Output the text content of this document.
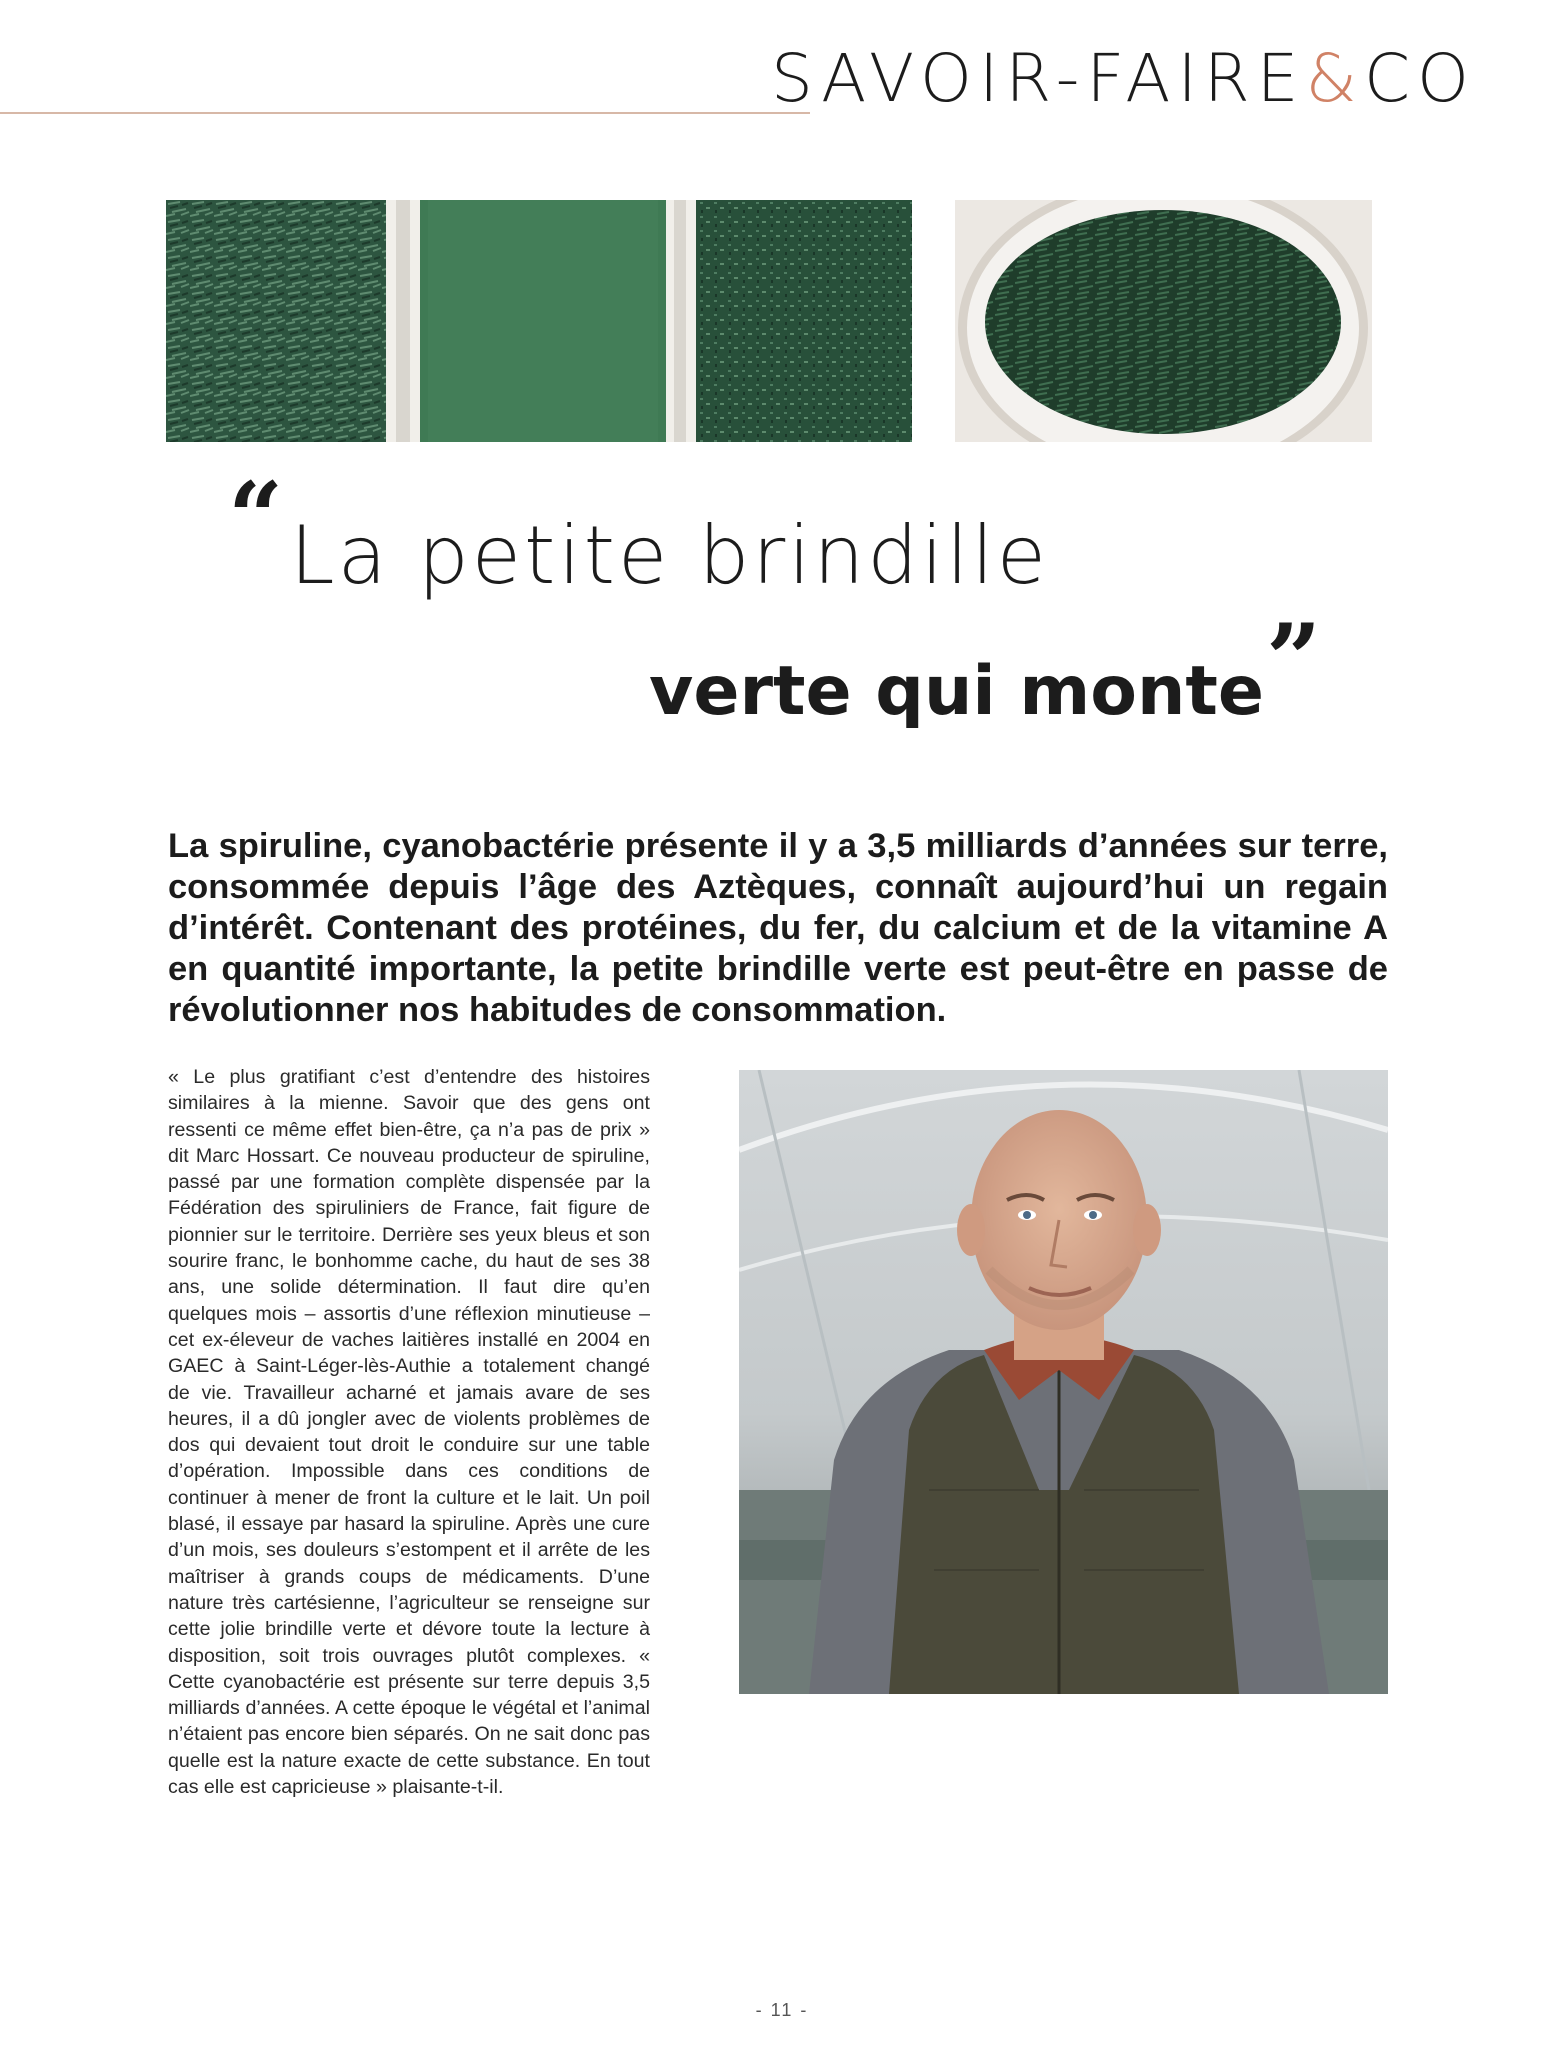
SAVOIR-FAIRE&CO
“ La petite brindille
verte qui monte ”

La spiruline, cyanobactérie présente il y a 3,5 milliards d’années sur terre, consommée depuis l’âge des Aztèques, connaît aujourd’hui un regain d’intérêt. Contenant des protéines, du fer, du calcium et de la vitamine A en quantité importante, la petite brindille verte est peut-être en passe de révolutionner nos habitudes de consommation.

« Le plus gratifiant c’est d’entendre des histoires similaires à la mienne. Savoir que des gens ont ressenti ce même effet bien-être, ça n’a pas de prix » dit Marc Hossart. Ce nouveau producteur de spiruline, passé par une formation complète dispensée par la Fédération des spiruliniers de France, fait figure de pionnier sur le territoire. Derrière ses yeux bleus et son sourire franc, le bonhomme cache, du haut de ses 38 ans, une solide détermination. Il faut dire qu’en quelques mois – assortis d’une réflexion minutieuse – cet ex-éleveur de vaches laitières installé en 2004 en GAEC à Saint-Léger-lès-Authie a totalement changé de vie. Travailleur acharné et jamais avare de ses heures, il a dû jongler avec de violents problèmes de dos qui devaient tout droit le conduire sur une table d’opération. Impossible dans ces conditions de continuer à mener de front la culture et le lait. Un poil blasé, il essaye par hasard la spiruline. Après une cure d’un mois, ses douleurs s’estompent et il arrête de les maîtriser à grands coups de médicaments. D’une nature très cartésienne, l’agriculteur se renseigne sur cette jolie brindille verte et dévore toute la lecture à disposition, soit trois ouvrages plutôt complexes. « Cette cyanobactérie est présente sur terre depuis 3,5 milliards d’années. A cette époque le végétal et l’animal n’étaient pas encore bien séparés. On ne sait donc pas quelle est la nature exacte de cette substance. En tout cas elle est capricieuse » plaisante-t-il.

- 11 -
